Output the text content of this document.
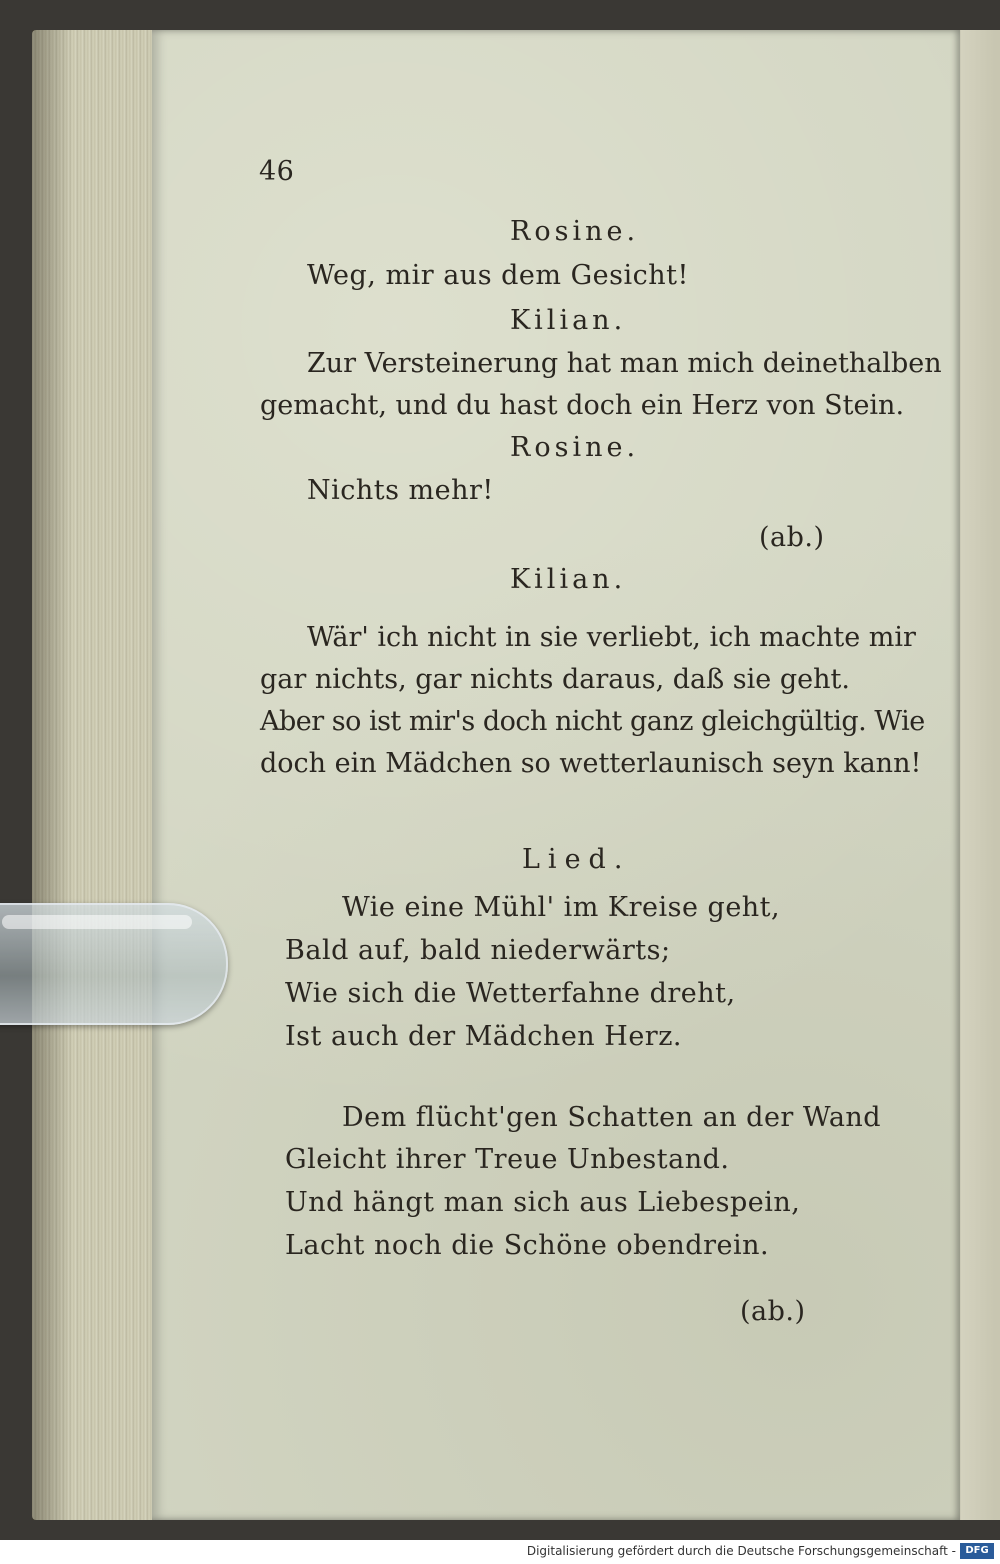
46
Rosine.
Weg, mir aus dem Gesicht!
Kilian.
Zur Versteinerung hat man mich deinethalben
gemacht, und du hast doch ein Herz von Stein.
Rosine.
Nichts mehr!
(ab.)
Kilian.
Wär' ich nicht in sie verliebt, ich machte mir
gar nichts, gar nichts daraus, daß sie geht.
Aber so ist mir's doch nicht ganz gleichgültig. Wie
doch ein Mädchen so wetterlaunisch seyn kann!
Lied.
Wie eine Mühl' im Kreise geht,
Bald auf, bald niederwärts;
Wie sich die Wetterfahne dreht,
Ist auch der Mädchen Herz.
Dem flücht'gen Schatten an der Wand
Gleicht ihrer Treue Unbestand.
Und hängt man sich aus Liebespein,
Lacht noch die Schöne obendrein.
(ab.)
Digitalisierung gefördert durch die Deutsche Forschungsgemeinschaft - DFG
